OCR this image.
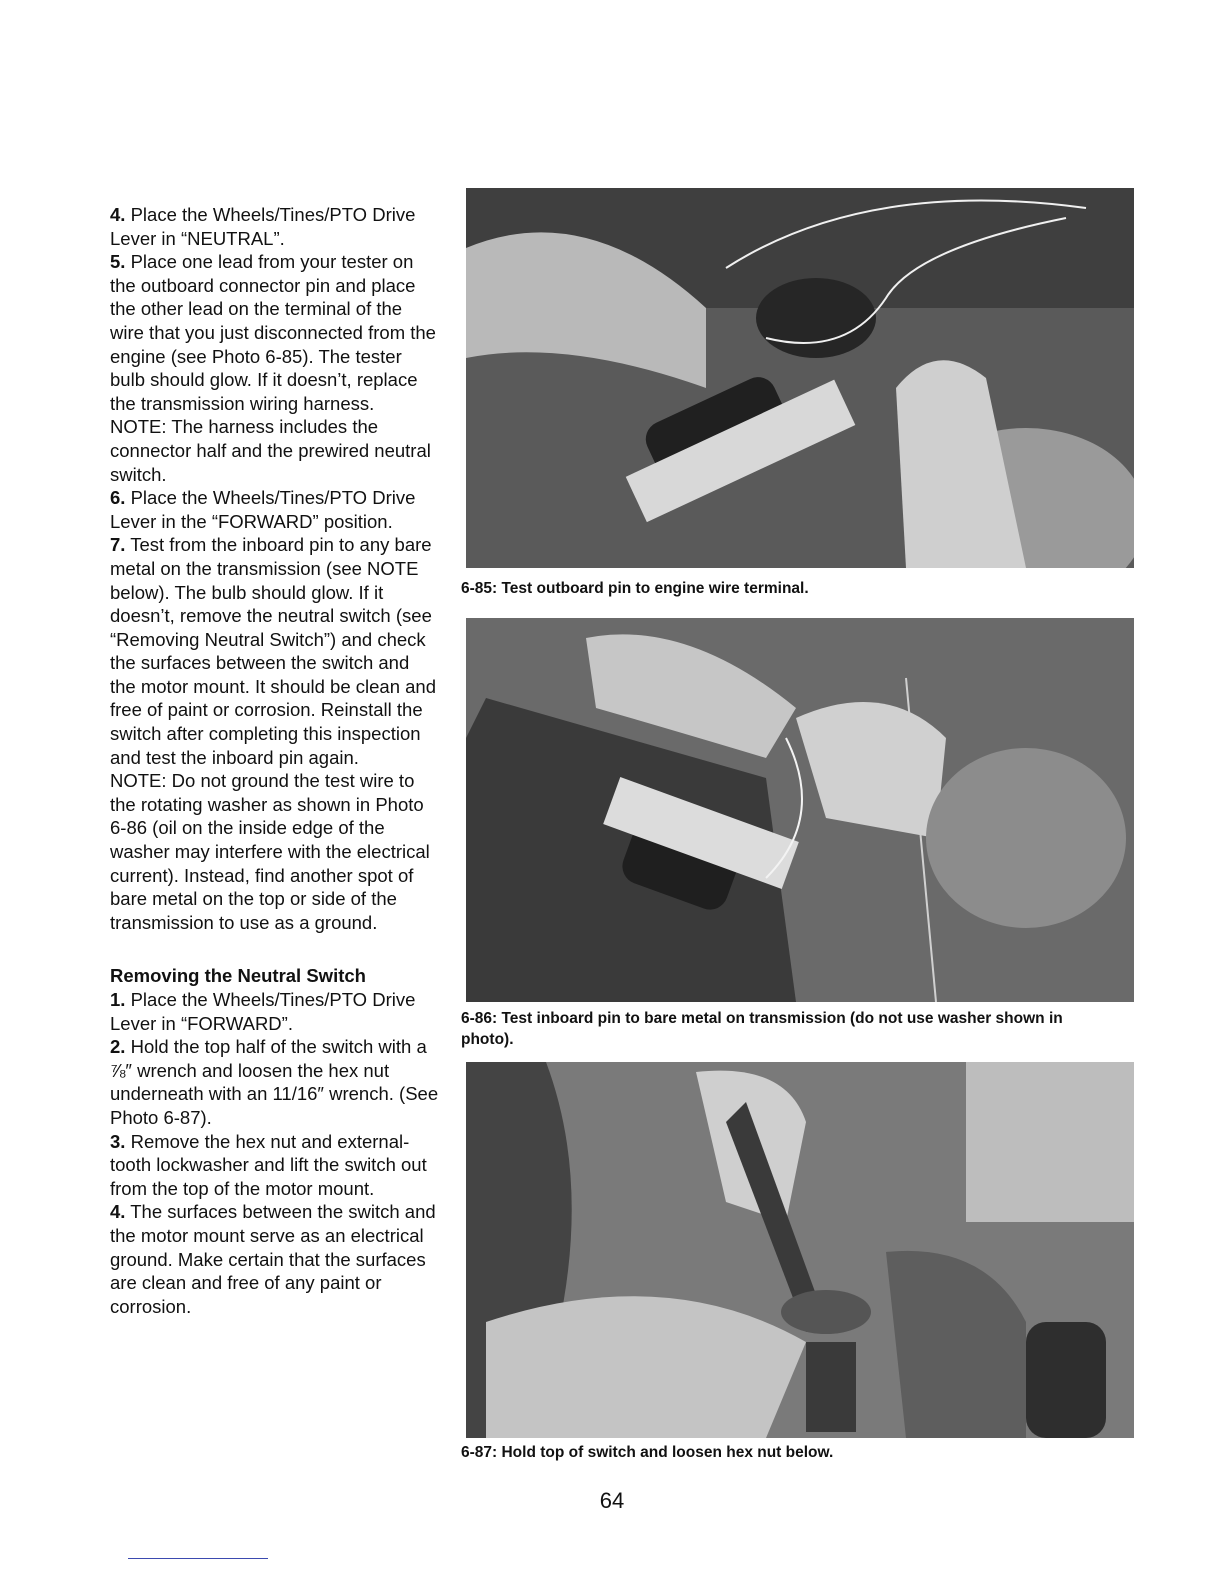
4. Place the Wheels/Tines/PTO Drive Lever in “NEUTRAL”.

5. Place one lead from your tester on the outboard connector pin and place the other lead on the terminal of the wire that you just disconnected from the engine (see Photo 6-85). The tester bulb should glow. If it doesn’t, replace the transmission wiring harness.

NOTE: The harness includes the connector half and the prewired neutral switch.

6. Place the Wheels/Tines/PTO Drive Lever in the “FORWARD” position.

7. Test from the inboard pin to any bare metal on the transmission (see NOTE below). The bulb should glow. If it doesn’t, remove the neutral switch (see “Removing Neutral Switch”) and check the surfaces between the switch and the motor mount. It should be clean and free of paint or corrosion. Reinstall the switch after completing this inspection and test the inboard pin again.

NOTE: Do not ground the test wire to the rotating washer as shown in Photo 6-86 (oil on the inside edge of the washer may interfere with the electrical current). Instead, find another spot of bare metal on the top or side of the transmission to use as a ground.

Removing the Neutral Switch

1. Place the Wheels/Tines/PTO Drive Lever in “FORWARD”.

2. Hold the top half of the switch with a ⅞″ wrench and loosen the hex nut underneath with an 11/16″ wrench. (See Photo 6-87).

3. Remove the hex nut and external-tooth lockwasher and lift the switch out from the top of the motor mount.

4. The surfaces between the switch and the motor mount serve as an electrical ground. Make certain that the surfaces are clean and free of any paint or corrosion.

6-85: Test outboard pin to engine wire terminal.
6-86: Test inboard pin to bare metal on transmission (do not use washer shown in photo).
6-87: Hold top of switch and loosen hex nut below.
64
